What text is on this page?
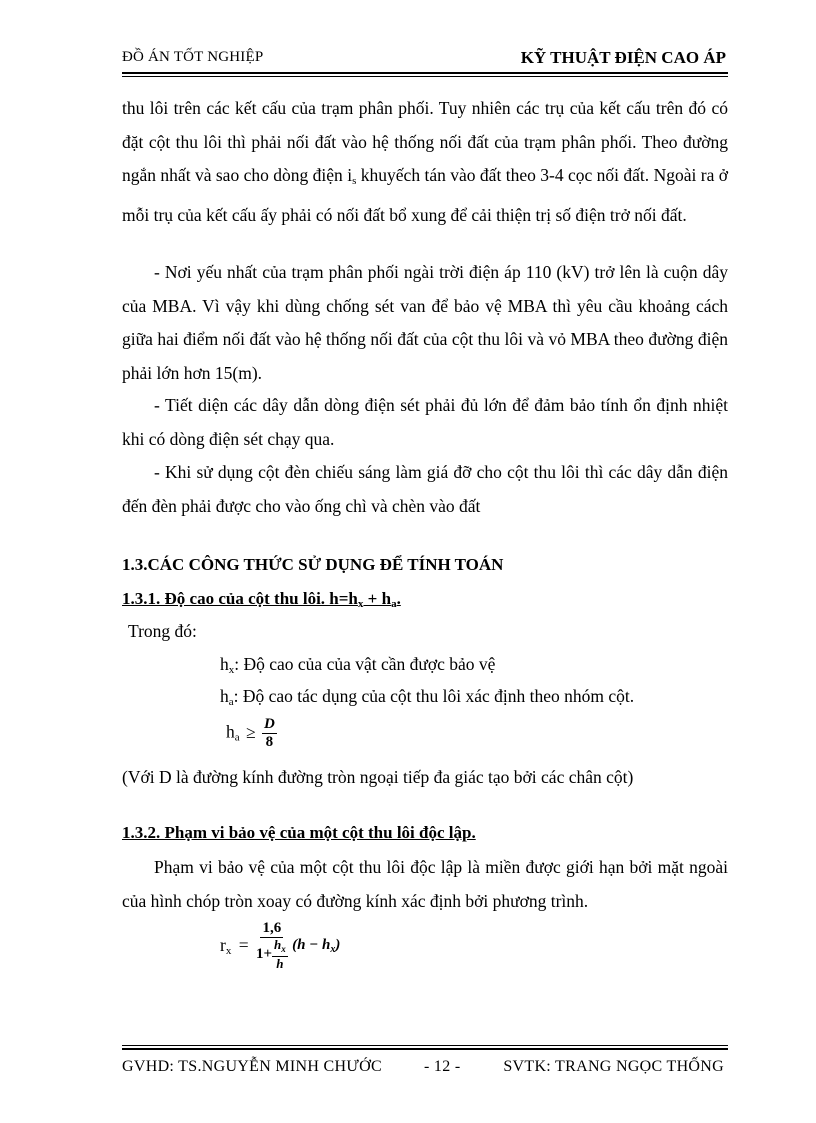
ĐỒ ÁN TỐT NGHIỆP	KỸ THUẬT ĐIỆN CAO ÁP
thu lôi trên các kết cấu của trạm phân phối. Tuy nhiên các trụ của kết cấu trên đó có đặt cột thu lôi thì phải nối đất vào hệ thống nối đất của trạm phân phối. Theo đường ngắn nhất và sao cho dòng điện $i_s$ khuyếch tán vào đất theo 3-4 cọc nối đất. Ngoài ra ở mỗi trụ của kết cấu ấy phải có nối đất bổ xung để cải thiện trị số điện trở nối đất.
- Nơi yếu nhất của trạm phân phối ngài trời điện áp 110 (kV) trở lên là cuộn dây của MBA. Vì vậy khi dùng chống sét van để bảo vệ MBA thì yêu cầu khoảng cách giữa hai điểm nối đất vào hệ thống nối đất của cột thu lôi và vỏ MBA theo đường điện phải lớn hơn 15(m).
- Tiết diện các dây dẫn dòng điện sét phải đủ lớn để đảm bảo tính ổn định nhiệt khi có dòng điện sét chạy qua.
- Khi sử dụng cột đèn chiếu sáng làm giá đỡ cho cột thu lôi thì các dây dẫn điện đến đèn phải được cho vào ống chì và chèn vào đất
1.3.CÁC CÔNG THỨC SỬ DỤNG ĐỂ TÍNH TOÁN
1.3.1. Độ cao của cột thu lôi. $h=h_x + h_a$.
Trong đó:
$h_x$: Độ cao của của vật cần được bảo vệ
$h_a$: Độ cao tác dụng của cột thu lôi xác định theo nhóm cột.
$h_a \ge \frac{D}{8}$
(Với D là đường kính đường tròn ngoại tiếp đa giác tạo bởi các chân cột)
1.3.2. Phạm vi bảo vệ của một cột thu lôi độc lập.
Phạm vi bảo vệ của một cột thu lôi độc lập là miền được giới hạn bởi mặt ngoài của hình chóp tròn xoay có đường kính xác định bởi phương trình.
$r_x = \frac{1,6}{1+ \frac{h_x}{h}} (h - h_x)$
GVHD: TS.NGUYỄN MINH CHƯỚC	- 12 -	SVTK: TRANG NGỌC THỐNG
